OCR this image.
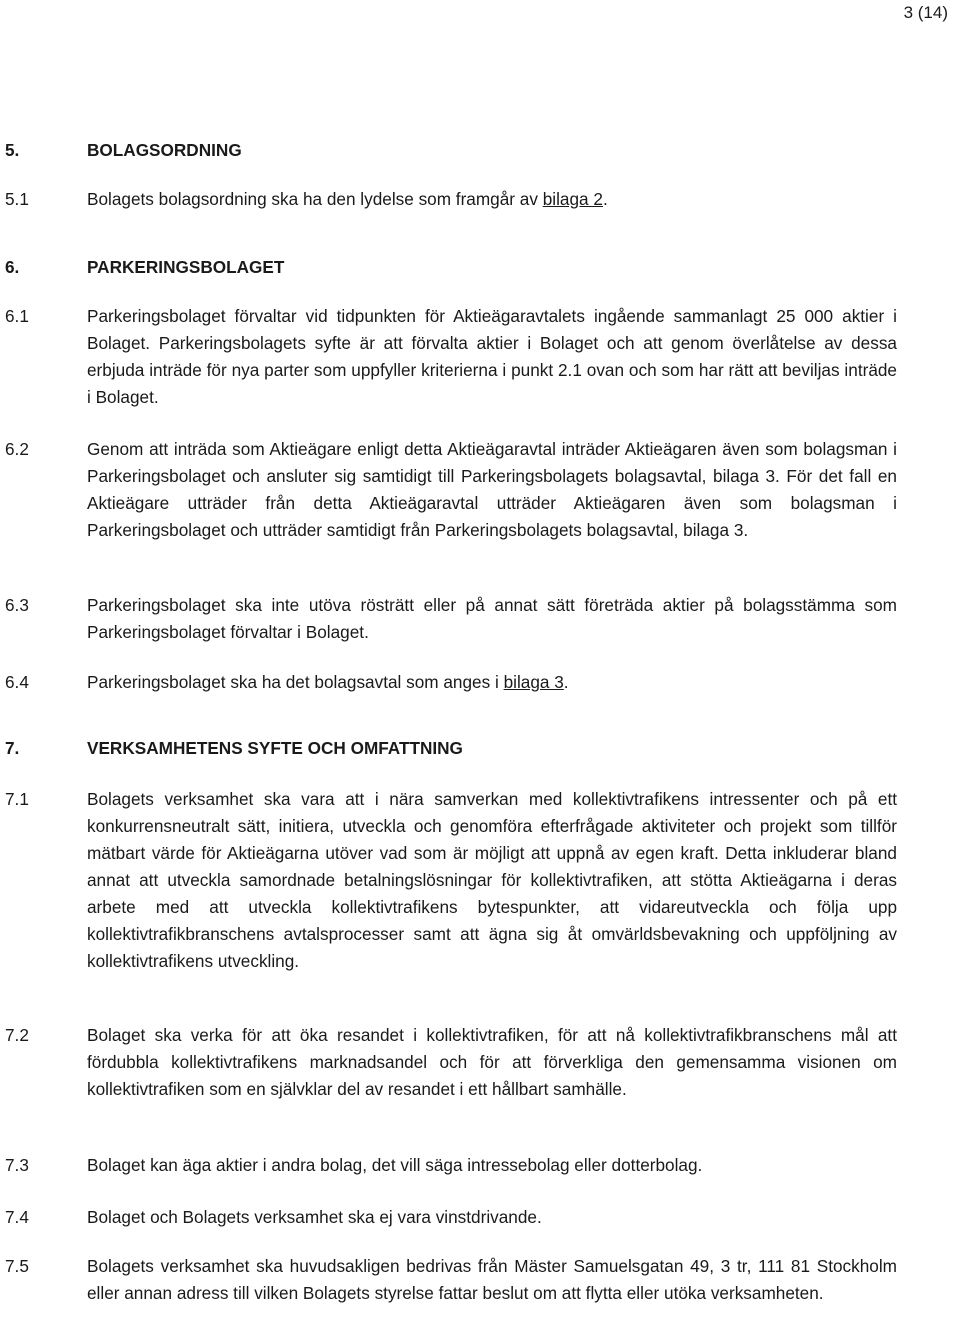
3 (14)
5.	BOLAGSORDNING
5.1	Bolagets bolagsordning ska ha den lydelse som framgår av bilaga 2.
6.	PARKERINGSBOLAGET
6.1	Parkeringsbolaget förvaltar vid tidpunkten för Aktieägaravtalets ingående sammanlagt 25 000 aktier i Bolaget. Parkeringsbolagets syfte är att förvalta aktier i Bolaget och att genom överlåtelse av dessa erbjuda inträde för nya parter som uppfyller kriterierna i punkt 2.1 ovan och som har rätt att beviljas inträde i Bolaget.
6.2	Genom att inträda som Aktieägare enligt detta Aktieägaravtal inträder Aktieägaren även som bolagsman i Parkeringsbolaget och ansluter sig samtidigt till Parkeringsbolagets bolagsavtal, bilaga 3. För det fall en Aktieägare utträder från detta Aktieägaravtal utträder Aktieägaren även som bolagsman i Parkeringsbolaget och utträder samtidigt från Parkeringsbolagets bolagsavtal, bilaga 3.
6.3	Parkeringsbolaget ska inte utöva rösträtt eller på annat sätt företräda aktier på bolagsstämma som Parkeringsbolaget förvaltar i Bolaget.
6.4	Parkeringsbolaget ska ha det bolagsavtal som anges i bilaga 3.
7.	VERKSAMHETENS SYFTE OCH OMFATTNING
7.1	Bolagets verksamhet ska vara att i nära samverkan med kollektivtrafikens intressenter och på ett konkurrensneutralt sätt, initiera, utveckla och genomföra efterfrågade aktiviteter och projekt som tillför mätbart värde för Aktieägarna utöver vad som är möjligt att uppnå av egen kraft. Detta inkluderar bland annat att utveckla samordnade betalningslösningar för kollektivtrafiken, att stötta Aktieägarna i deras arbete med att utveckla kollektivtrafikens bytespunkter, att vidareutveckla och följa upp kollektivtrafikbranschens avtalsprocesser samt att ägna sig åt omvärldsbevakning och uppföljning av kollektivtrafikens utveckling.
7.2	Bolaget ska verka för att öka resandet i kollektivtrafiken, för att nå kollektivtrafikbranschens mål att fördubbla kollektivtrafikens marknadsandel och för att förverkliga den gemensamma visionen om kollektivtrafiken som en självklar del av resandet i ett hållbart samhälle.
7.3	Bolaget kan äga aktier i andra bolag, det vill säga intressebolag eller dotterbolag.
7.4	Bolaget och Bolagets verksamhet ska ej vara vinstdrivande.
7.5	Bolagets verksamhet ska huvudsakligen bedrivas från Mäster Samuelsgatan 49, 3 tr, 111 81 Stockholm eller annan adress till vilken Bolagets styrelse fattar beslut om att flytta eller utöka verksamheten.
